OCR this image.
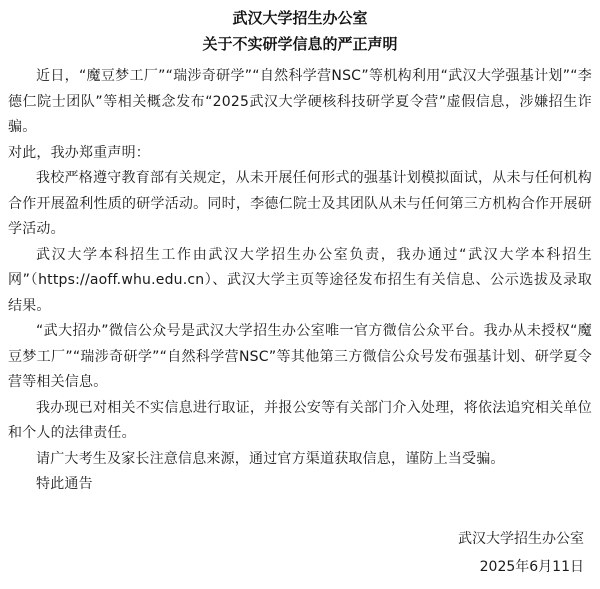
武汉大学招生办公室
关于不实研学信息的严正声明

近日，“魔豆梦工厂”“瑞涉奇研学”“自然科学营NSC”等机构利用“武汉大学强基计划”“李德仁院士团队”等相关概念发布“2025武汉大学硬核科技研学夏令营”虚假信息，涉嫌招生诈骗。

对此，我办郑重声明：

我校严格遵守教育部有关规定，从未开展任何形式的强基计划模拟面试，从未与任何机构合作开展盈利性质的研学活动。同时，李德仁院士及其团队从未与任何第三方机构合作开展研学活动。

武汉大学本科招生工作由武汉大学招生办公室负责，我办通过“武汉大学本科招生网”（https://aoff.whu.edu.cn）、武汉大学主页等途径发布招生有关信息、公示选拔及录取结果。

“武大招办”微信公众号是武汉大学招生办公室唯一官方微信公众平台。我办从未授权“魔豆梦工厂”“瑞涉奇研学”“自然科学营NSC”等其他第三方微信公众号发布强基计划、研学夏令营等相关信息。

我办现已对相关不实信息进行取证，并报公安等有关部门介入处理，将依法追究相关单位和个人的法律责任。

请广大考生及家长注意信息来源，通过官方渠道获取信息，谨防上当受骗。

特此通告

武汉大学招生办公室
2025年6月11日
